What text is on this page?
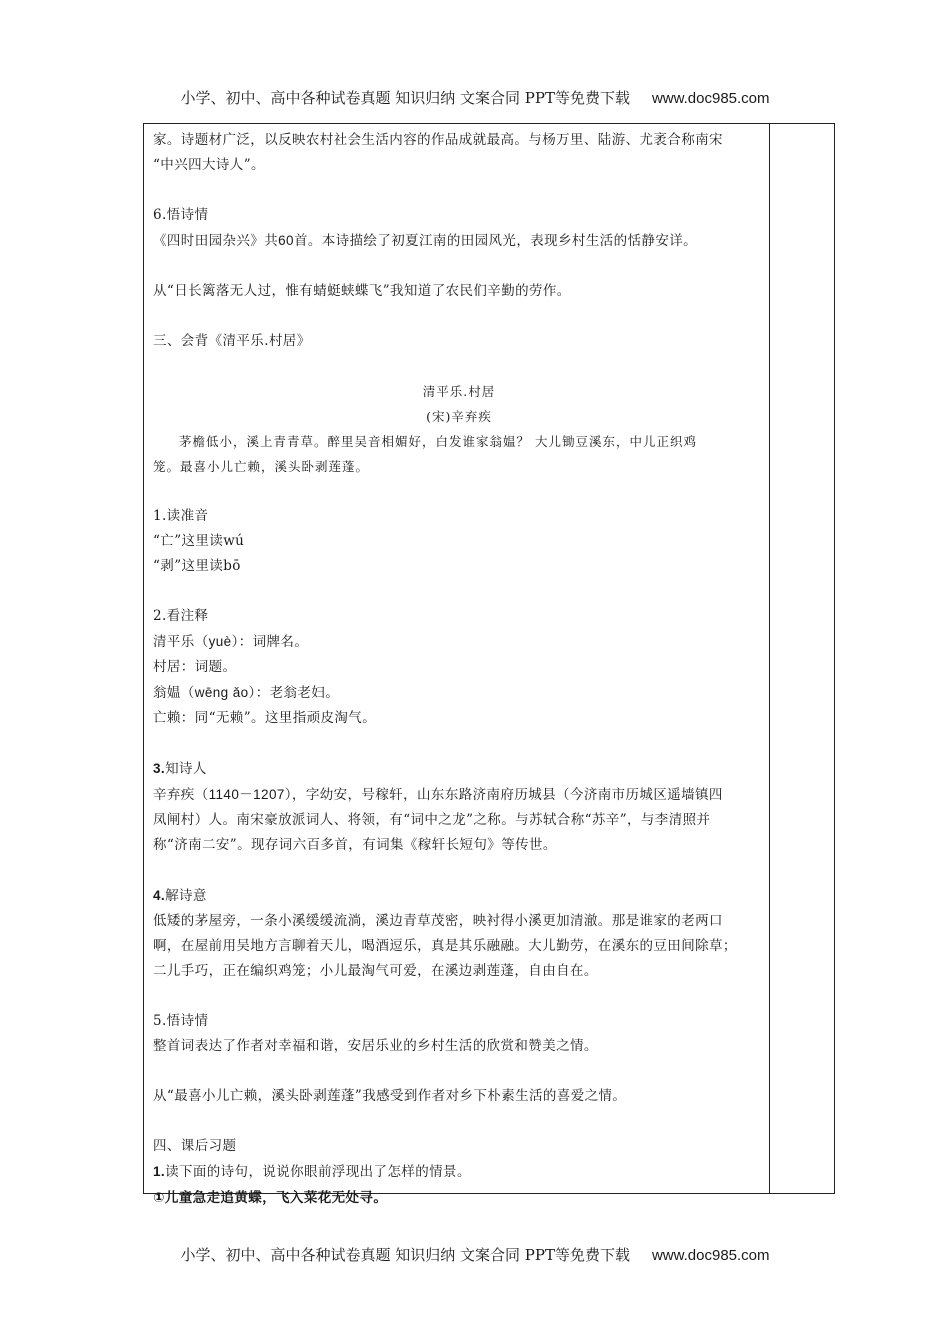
小学、初中、高中各种试卷真题 知识归纳 文案合同 PPT等免费下载 www.doc985.com

家。诗题材广泛，以反映农村社会生活内容的作品成就最高。与杨万里、陆游、尤袤合称南宋

“中兴四大诗人”。

6.悟诗情

《四时田园杂兴》共60首。本诗描绘了初夏江南的田园风光，表现乡村生活的恬静安详。

从“日长篱落无人过，惟有蜻蜓蛱蝶飞”我知道了农民们辛勤的劳作。

三、会背《清平乐.村居》

清平乐.村居

(宋)辛弃疾

茅檐低小，溪上青青草。醉里吴音相媚好，白发谁家翁媪？ 大儿锄豆溪东，中儿正织鸡

笼。最喜小儿亡赖，溪头卧剥莲蓬。

1.读准音

“亡”这里读wú

“剥”这里读bō

2.看注释

清平乐（yuè）：词牌名。

村居：词题。

翁媪（wēng ǎo）：老翁老妇。

亡赖：同“无赖”。这里指顽皮淘气。

3.知诗人

辛弃疾（1140－1207），字幼安，号稼轩，山东东路济南府历城县（今济南市历城区遥墙镇四

凤闸村）人。南宋豪放派词人、将领，有“词中之龙”之称。与苏轼合称“苏辛”，与李清照并

称“济南二安”。现存词六百多首，有词集《稼轩长短句》等传世。

4.解诗意

低矮的茅屋旁，一条小溪缓缓流淌，溪边青草茂密，映衬得小溪更加清澈。那是谁家的老两口

啊，在屋前用吴地方言聊着天儿，喝酒逗乐，真是其乐融融。大儿勤劳，在溪东的豆田间除草；

二儿手巧，正在编织鸡笼；小儿最淘气可爱，在溪边剥莲蓬，自由自在。

5.悟诗情

整首词表达了作者对幸福和谐，安居乐业的乡村生活的欣赏和赞美之情。

从“最喜小儿亡赖，溪头卧剥莲蓬”我感受到作者对乡下朴素生活的喜爱之情。

四、课后习题

1.读下面的诗句，说说你眼前浮现出了怎样的情景。

①儿童急走追黄蝶，飞入菜花无处寻。

小学、初中、高中各种试卷真题 知识归纳 文案合同 PPT等免费下载 www.doc985.com
